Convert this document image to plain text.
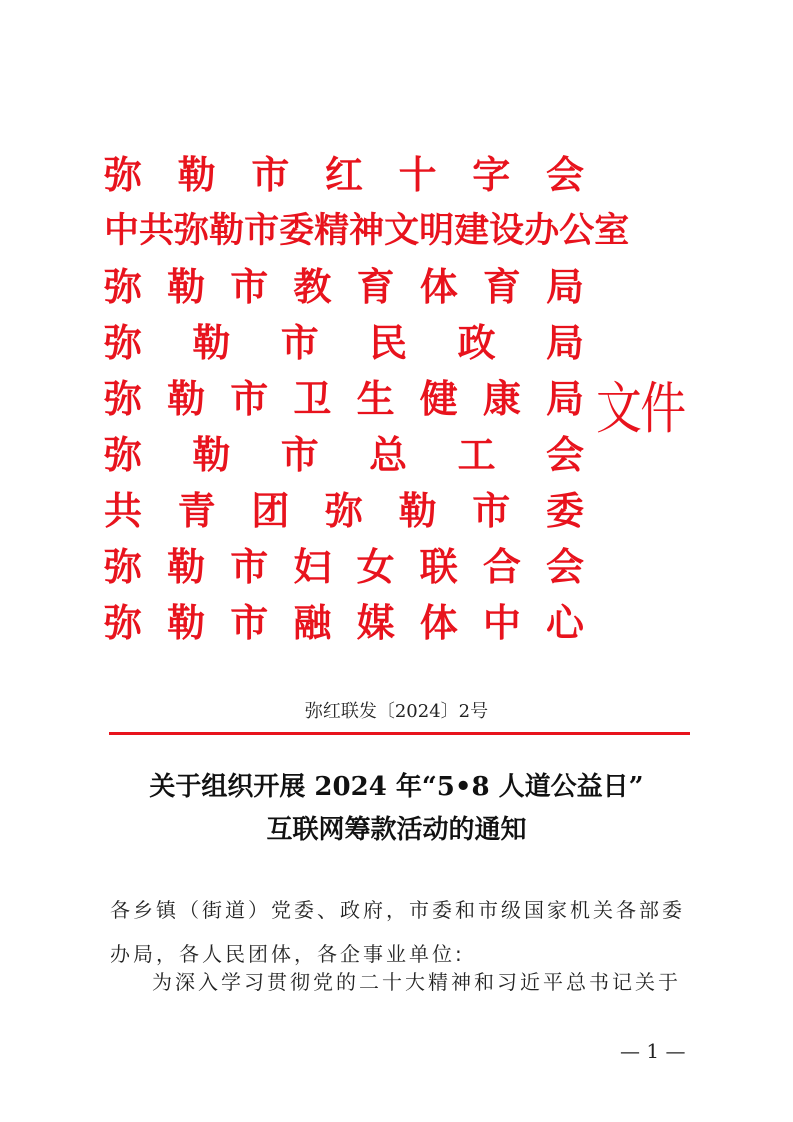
弥 勒 市 红 十 字 会
中 共 弥 勒 市 委 精 神 文 明 建 设 办 公 室
弥 勒 市 教 育 体 育 局
弥 勒 市 民 政 局
弥 勒 市 卫 生 健 康 局
弥 勒 市 总 工 会
共 青 团 弥 勒 市 委
弥 勒 市 妇 女 联 合 会
弥 勒 市 融 媒 体 中 心
文件
弥红联发〔2024〕2号
关于组织开展 2024 年“5•8 人道公益日”
互联网筹款活动的通知
各乡镇（街道）党委、政府，市委和市级国家机关各部委办局，各人民团体，各企事业单位:
为深入学习贯彻党的二十大精神和习近平总书记关于
— 1 —
